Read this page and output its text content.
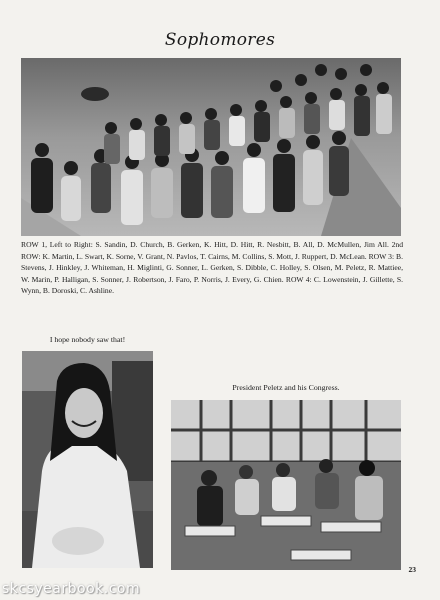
Sophomores
ROW 1, Left to Right: S. Sandin, D. Church, B. Gerken, K. Hitt, D. Hitt, R. Nesbitt, B. All, D. McMullen, Jim All. 2nd ROW: K. Martin, L. Swart, K. Sorne, V. Grant, N. Pavlos, T. Cairns, M. Collins, S. Mott, J. Ruppert, D. McLean. ROW 3: B. Stevens, J. Hinkley, J. Whiteman, H. Miglinti, G. Sonner, L. Gerken, S. Dibble, C. Holley, S. Olsen, M. Peletz, R. Mattiee, W. Marin, P. Halligan, S. Sonner, J. Robertson, J. Faro, P. Norris, J. Every, G. Chien. ROW 4: C. Lowenstein, J. Gillette, S. Wynn, B. Doroski, C. Ashline.
I hope nobody saw that!
President Peletz and his Congress.
23
skcsyearbook.com
